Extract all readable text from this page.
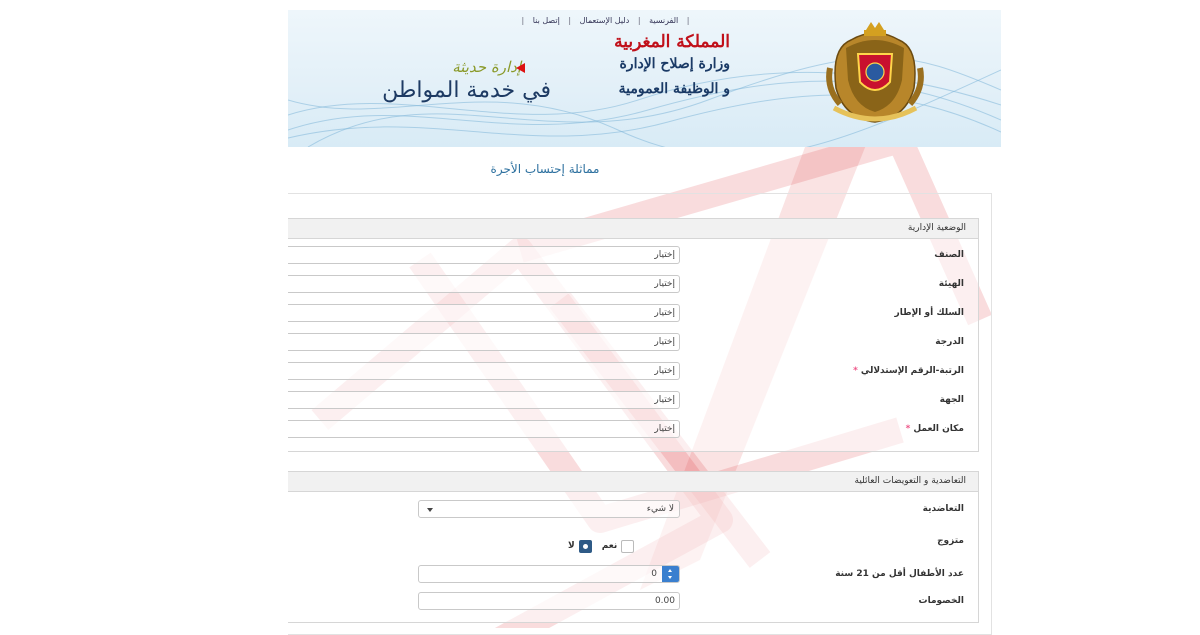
| الفرنسية | دليل الإستعمال | إتصل بنا |
المملكة المغربية
وزارة إصلاح الإدارة
و الوظيفة العمومية
إدارة حديثة
في خدمة المواطن
مماثلة إحتساب الأجرة
الوضعية الإدارية
إختيار	الصنف
إختيار	الهيئة
إختيار	السلك أو الإطار
إختيار	الدرجة
إختيار	الرتبة-الرقم الإستدلالي*
إختيار	الجهة
إختيار	مكان العمل*
التعاضدية و التعويضات العائلية
لا شيء	التعاضدية
نعم
لا	متزوج
0	عدد الأطفال أقل من 21 سنة
0.00	الخصومات
